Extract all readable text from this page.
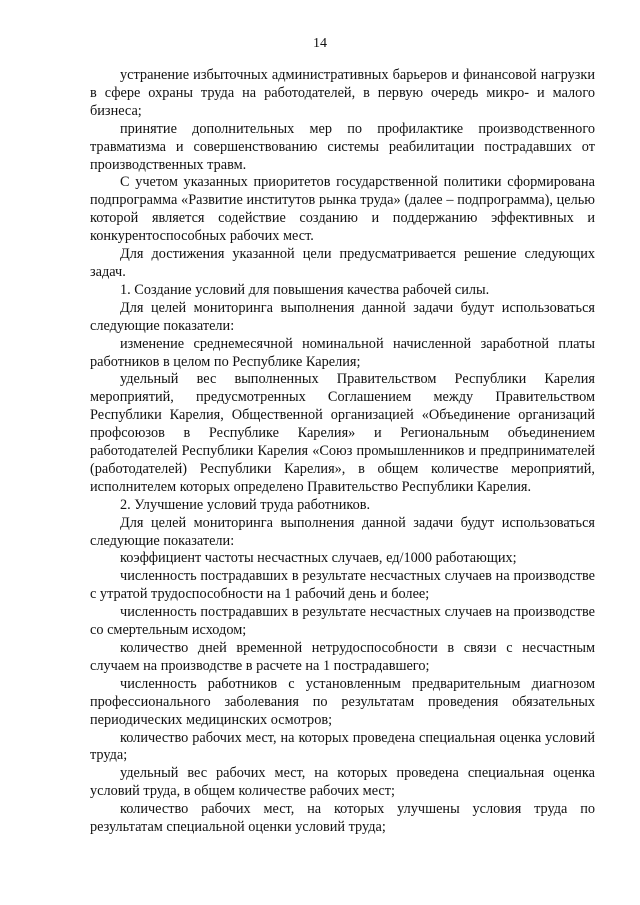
14

устранение избыточных административных барьеров и финансовой нагрузки в сфере охраны труда на работодателей, в первую очередь микро- и малого бизнеса;

принятие дополнительных мер по профилактике производственного травматизма и совершенствованию системы реабилитации пострадавших от производственных травм.

С учетом указанных приоритетов государственной политики сформирована подпрограмма «Развитие институтов рынка труда» (далее – подпрограмма), целью которой является содействие созданию и поддержанию эффективных и конкурентоспособных рабочих мест.

Для достижения указанной цели предусматривается решение следующих задач.

1. Создание условий для повышения качества рабочей силы.

Для целей мониторинга выполнения данной задачи будут использоваться следующие показатели:

изменение среднемесячной номинальной начисленной заработной платы работников в целом по Республике Карелия;

удельный вес выполненных Правительством Республики Карелия мероприятий, предусмотренных Соглашением между Правительством Республики Карелия, Общественной организацией «Объединение организаций профсоюзов в Республике Карелия» и Региональным объединением работодателей Республики Карелия «Союз промышленников и предпринимателей (работодателей) Республики Карелия», в общем количестве мероприятий, исполнителем которых определено Правительство Республики Карелия.

2. Улучшение условий труда работников.

Для целей мониторинга выполнения данной задачи будут использоваться следующие показатели:

коэффициент частоты несчастных случаев, ед/1000 работающих;

численность пострадавших в результате несчастных случаев на производстве с утратой трудоспособности на 1 рабочий день и более;

численность пострадавших в результате несчастных случаев на производстве со смертельным исходом;

количество дней временной нетрудоспособности в связи с несчастным случаем на производстве в расчете на 1 пострадавшего;

численность работников с установленным предварительным диагнозом профессионального заболевания по результатам проведения обязательных периодических медицинских осмотров;

количество рабочих мест, на которых проведена специальная оценка условий труда;

удельный вес рабочих мест, на которых проведена специальная оценка условий труда, в общем количестве рабочих мест;

количество рабочих мест, на которых улучшены условия труда по результатам специальной оценки условий труда;
